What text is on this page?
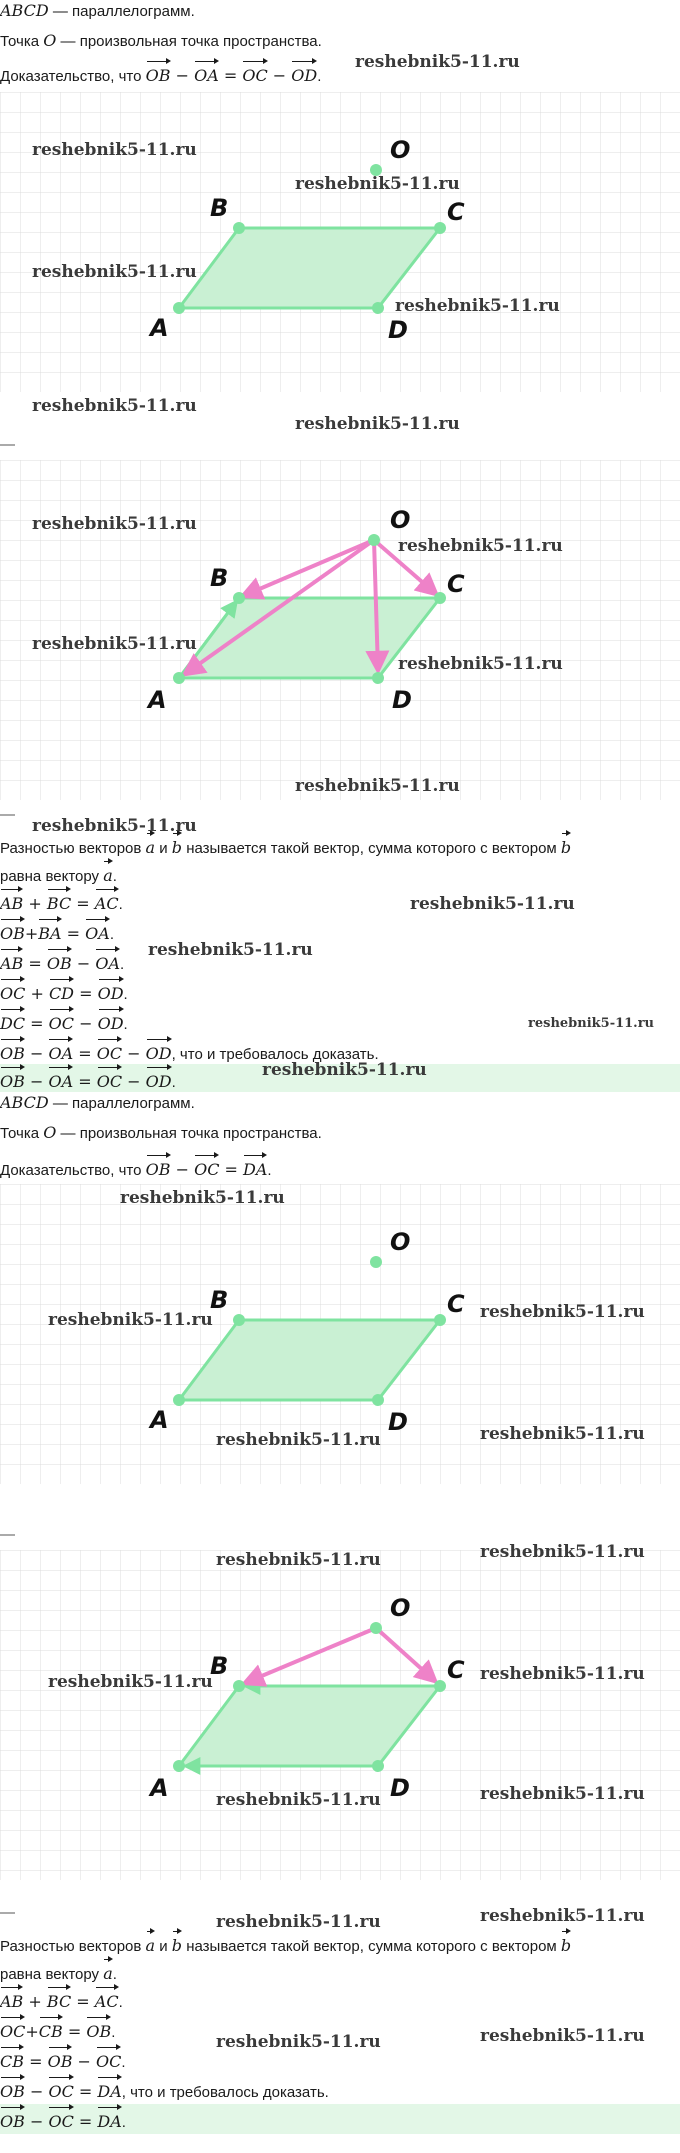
ABCD — параллелограмм.
Точка O — произвольная точка пространства.
Доказательство, что OB − OA = OC − OD.
A
B	C
D
O
—
A
B	C
D
O
—
Разностью векторов a и b называется такой вектор, сумма которого с вектором b
равна вектору a.
AB + BC = AC.
OB+BA = OA.
AB = OB − OA.
OC + CD = OD.
DC = OC − OD.
OB − OA = OC − OD, что и требовалось доказать.
OB − OA = OC − OD.
ABCD — параллелограмм.
Точка O — произвольная точка пространства.
Доказательство, что OB − OC = DA.
A
B	C
D
O
—
A
B	C
D
O
—
Разностью векторов a и b называется такой вектор, сумма которого с вектором b
равна вектору a.
AB + BC = AC.
OC+CB = OB.
CB = OB − OC.
OB − OC = DA, что и требовалось доказать.
OB − OC = DA.
reshebnik5-11.ru
reshebnik5-11.ru
reshebnik5-11.ru
reshebnik5-11.ru
reshebnik5-11.ru
reshebnik5-11.ru
reshebnik5-11.ru
reshebnik5-11.ru
reshebnik5-11.ru
reshebnik5-11.ru
reshebnik5-11.ru
reshebnik5-11.ru
reshebnik5-11.ru
reshebnik5-11.ru
reshebnik5-11.ru
reshebnik5-11.ru
reshebnik5-11.ru
reshebnik5-11.ru
reshebnik5-11.ru	reshebnik5-11.ru
reshebnik5-11.ru	reshebnik5-11.ru
reshebnik5-11.ru	reshebnik5-11.ru
reshebnik5-11.ru	reshebnik5-11.ru
reshebnik5-11.ru	reshebnik5-11.ru
reshebnik5-11.ru	reshebnik5-11.ru
reshebnik5-11.ru	reshebnik5-11.ru
